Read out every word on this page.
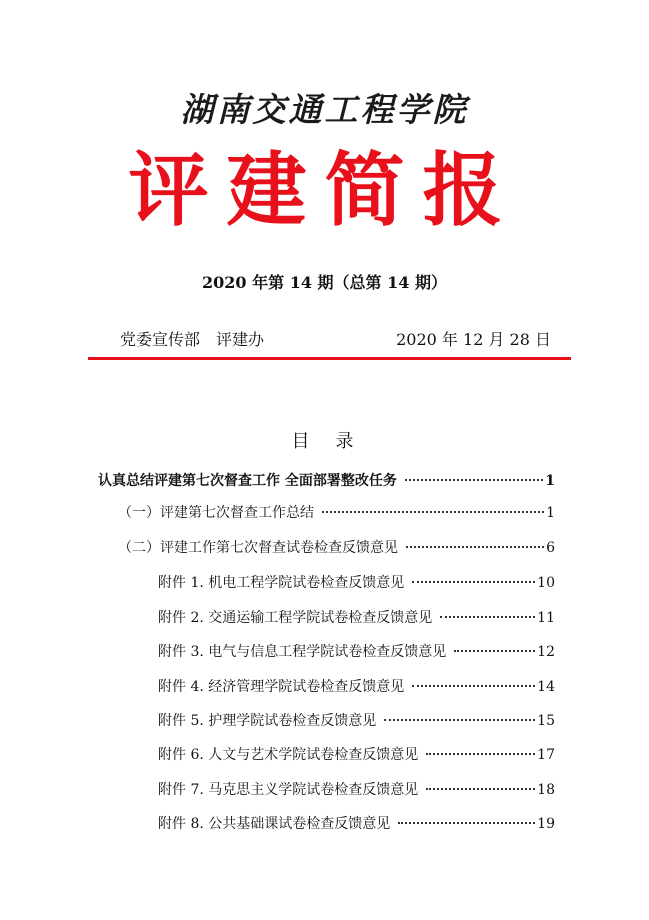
湖南交通工程学院
评建简报
2020 年第 14 期（总第 14 期）
党委宣传部　评建办	2020 年 12 月 28 日
目　录
认真总结评建第七次督查工作 全面部署整改任务	1
（一）评建第七次督查工作总结	1
（二）评建工作第七次督查试卷检查反馈意见	6
附件 1. 机电工程学院试卷检查反馈意见	10
附件 2. 交通运输工程学院试卷检查反馈意见	11
附件 3. 电气与信息工程学院试卷检查反馈意见	12
附件 4. 经济管理学院试卷检查反馈意见	14
附件 5. 护理学院试卷检查反馈意见	15
附件 6. 人文与艺术学院试卷检查反馈意见	17
附件 7. 马克思主义学院试卷检查反馈意见	18
附件 8. 公共基础课试卷检查反馈意见	19
